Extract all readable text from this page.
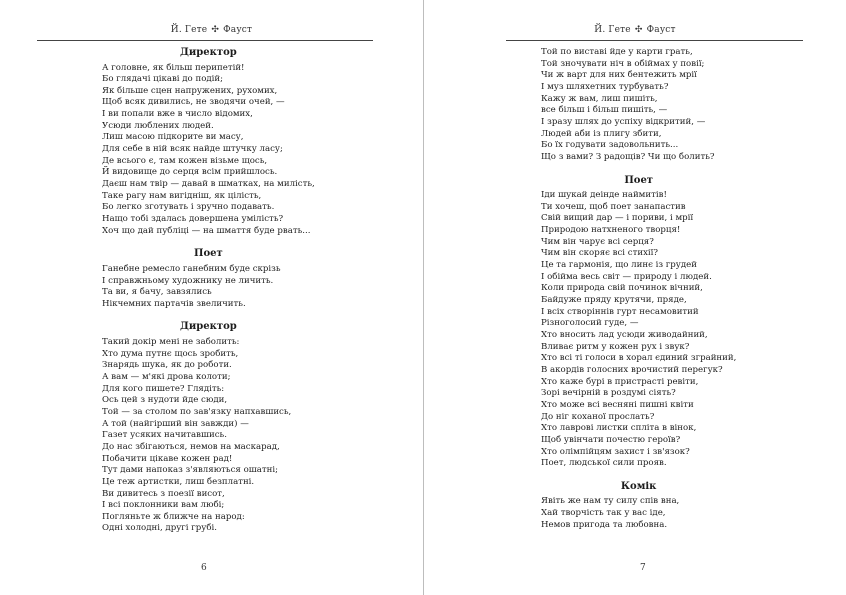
Й. Гете ✣ Фауст
Директор
А головне, як більш перипетій!
Бо глядачі цікаві до подій;
Як більше сцен напружених, рухомих,
Щоб всяк дивились, не зводячи очей, —
І ви попали вже в число відомих,
Усюди люблених людей.
Лиш масою підкорите ви масу,
Для себе в ній всяк найде штучку ласу;
Де всього є, там кожен візьме щось,
Й видовище до серця всім прийшлось.
Даєш нам твір — давай в шматках, на милість,
Таке рагу нам вигідніш, як цілість,
Бо легко зготувать і зручно подавать.
Нащо тобі здалась довершена умілість?
Хоч що дай публіці — на шмаття буде рвать...
Поет
Ганебне ремесло ганебним буде скрізь
І справжньому художнику не личить.
Та ви, я бачу, завзялись
Нікчемних партачів звеличить.
Директор
Такий докір мені не заболить:
Хто дума путнє щось зробить,
Знарядь шука, як до роботи.
А вам — м'які дрова колоти;
Для кого пишете? Глядіть:
Ось цей з нудоти йде сюди,
Той — за столом по зав'язку напхавшись,
А той (найгірший він завжди) —
Газет усяких начитавшись.
До нас збігаються, немов на маскарад,
Побачити цікаве кожен рад!
Тут дами напоказ з'являються ошатні;
Це теж артистки, лиш безплатні.
Ви дивитесь з поезії висот,
І всі поклонники вам любі;
Погляньте ж ближче на народ:
Одні холодні, другі грубі.
6
Й. Гете ✣ Фауст
Той по виставі йде у карти грать,
Той зночувати ніч в обіймах у повії;
Чи ж варт для них бентежить мрії
І муз шляхетних турбувать?
Кажу ж вам, лиш пишіть,
все більш і більш пишіть, —
І зразу шлях до успіху відкритий, —
Людей аби із плигу збити,
Бо їх годувати задовольнить...
Що з вами? З радощів? Чи що болить?
Поет
Іди шукай деінде наймитів!
Ти хочеш, щоб поет занапастив
Свій вищий дар — і пориви, і мрії
Природою натхненого творця!
Чим він чарує всі серця?
Чим він скоряє всі стихії?
Це та гармонія, що линє із грудей
І обійма весь світ — природу і людей.
Коли природа свій починок вічний,
Байдуже пряду крутячи, пряде,
І всіх створіннів гурт несамовитий
Різноголосий гуде, —
Хто вносить лад усюди живодайний,
Вливає ритм у кожен рух і звук?
Хто всі ті голоси в хорал єдиний зграйний,
В акордів голосних врочистий перегук?
Хто каже бурі в пристрасті ревіти,
Зорі вечірній в роздумі сіять?
Хто може всі весняні пишні квіти
До ніг коханої прослать?
Хто лаврові листки спліта в вінок,
Щоб увінчати почестю героїв?
Хто олімпійцям захист і зв'язок?
Поет, людської сили прояв.
Комік
Явіть же нам ту силу спів вна,
Хай творчість так у вас іде,
Немов пригода та любовна.
7
